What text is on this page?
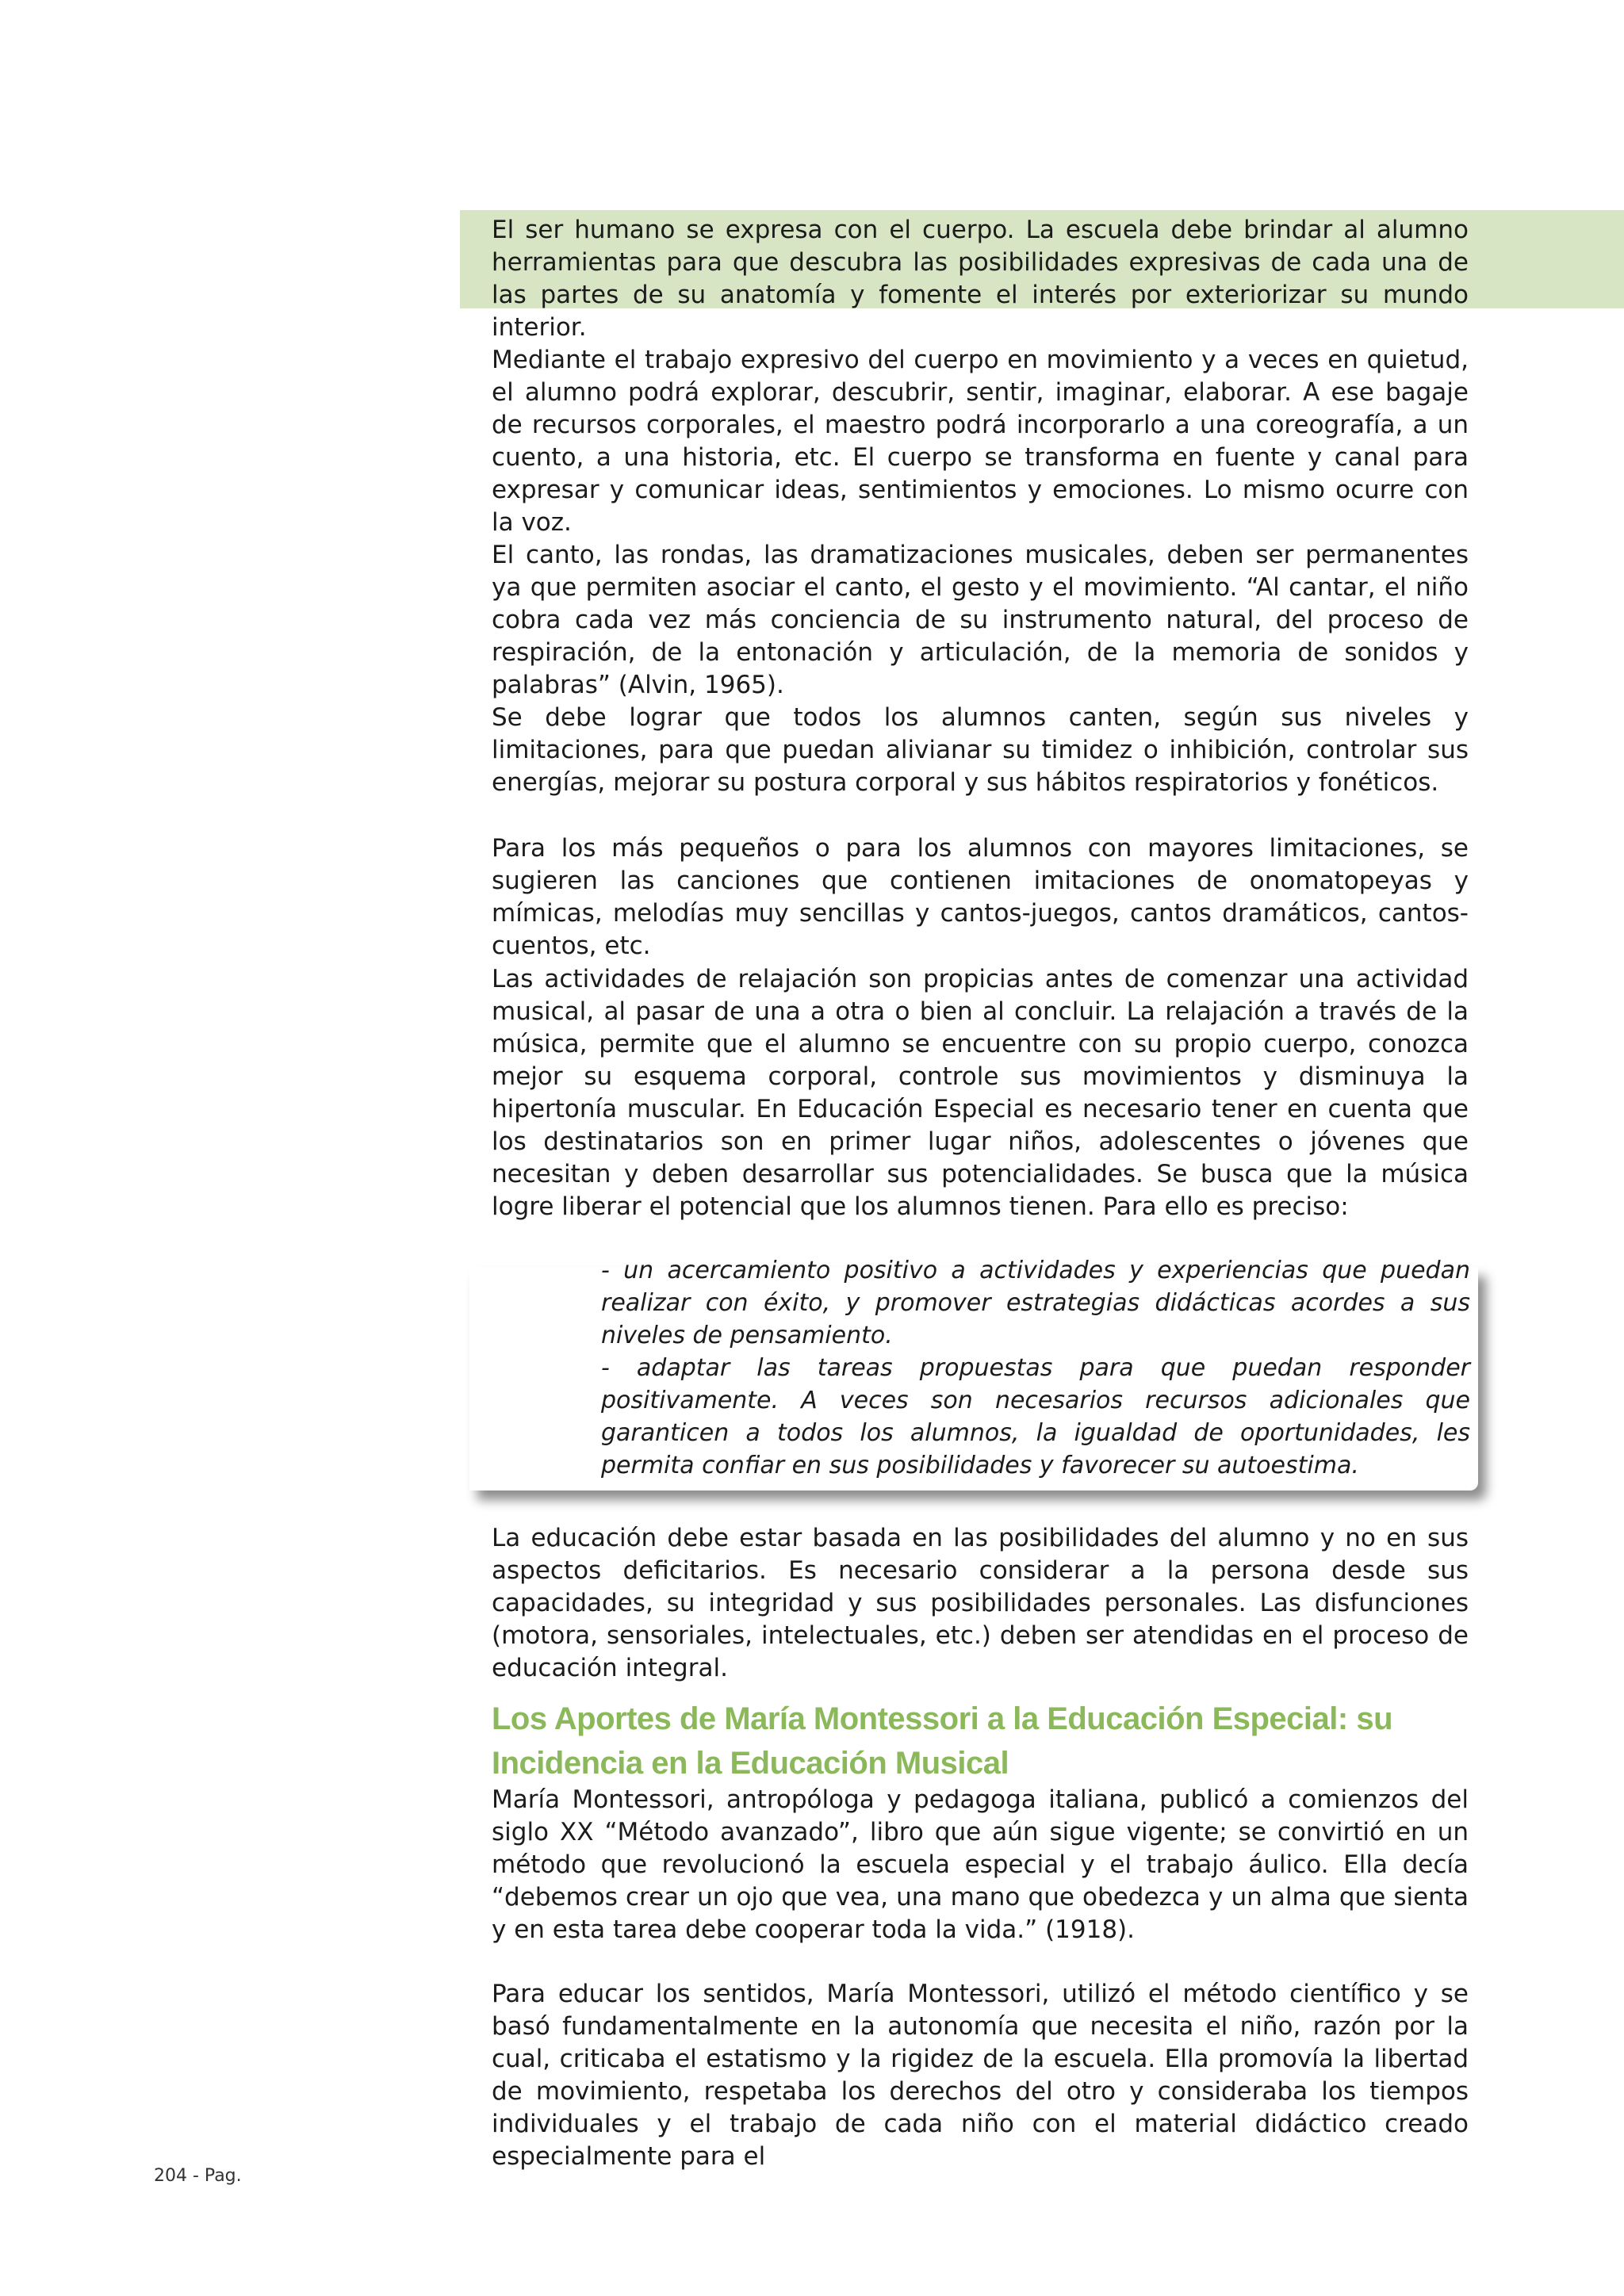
El ser humano se expresa con el cuerpo. La escuela debe brindar al alumno herramientas para que descubra las posibilidades expresivas de cada una de las partes de su anatomía y fomente el interés por exteriorizar su mundo interior.

Mediante el trabajo expresivo del cuerpo en movimiento y a veces en quietud, el alumno podrá explorar, descubrir, sentir, imaginar, elaborar. A ese bagaje de recursos corporales, el maestro podrá incorporarlo a una coreografía, a un cuento, a una historia, etc. El cuerpo se transforma en fuente y canal para expresar y comunicar ideas, sentimientos y emociones. Lo mismo ocurre con la voz.

El canto, las rondas, las dramatizaciones musicales, deben ser permanentes ya que permiten asociar el canto, el gesto y el movimiento. “Al cantar, el niño cobra cada vez más conciencia de su instrumento natural, del proceso de respiración, de la entonación y articulación, de la memoria de sonidos y palabras” (Alvin, 1965).

Se debe lograr que todos los alumnos canten, según sus niveles y limitaciones, para que puedan alivianar su timidez o inhibición, controlar sus energías, mejorar su postura corporal y sus hábitos respiratorios y fonéticos.

Para los más pequeños o para los alumnos con mayores limitaciones, se sugieren las canciones que contienen imitaciones de onomatopeyas y mímicas, melodías muy sencillas y cantos-juegos, cantos dramáticos, cantos-cuentos, etc.

Las actividades de relajación son propicias antes de comenzar una actividad musical, al pasar de una a otra o bien al concluir. La relajación a través de la música, permite que el alumno se encuentre con su propio cuerpo, conozca mejor su esquema corporal, controle sus movimientos y disminuya la hipertonía muscular. En Educación Especial es necesario tener en cuenta que los destinatarios son en primer lugar niños, adolescentes o jóvenes que necesitan y deben desarrollar sus potencialidades. Se busca que la música logre liberar el potencial que los alumnos tienen. Para ello es preciso:

- un acercamiento positivo a actividades y experiencias que puedan realizar con éxito, y promover estrategias didácticas acordes a sus niveles de pensamiento.

- adaptar las tareas propuestas para que puedan responder positivamente. A veces son necesarios recursos adicionales que garanticen a todos los alumnos, la igualdad de oportunidades, les permita confiar en sus posibilidades y favorecer su autoestima.

La educación debe estar basada en las posibilidades del alumno y no en sus aspectos deficitarios. Es necesario considerar a la persona desde sus capacidades, su integridad y sus posibilidades personales. Las disfunciones (motora, sensoriales, intelectuales, etc.) deben ser atendidas en el proceso de educación integral.

Los Aportes de María Montessori a la Educación Especial: su Incidencia en la Educación Musical

María Montessori, antropóloga y pedagoga italiana, publicó a comienzos del siglo XX “Método avanzado”, libro que aún sigue vigente; se convirtió en un método que revolucionó la escuela especial y el trabajo áulico. Ella decía “debemos crear un ojo que vea, una mano que obedezca y un alma que sienta y en esta tarea debe cooperar toda la vida.” (1918).

Para educar los sentidos, María Montessori, utilizó el método científico y se basó fundamentalmente en la autonomía que necesita el niño, razón por la cual, criticaba el estatismo y la rigidez de la escuela. Ella promovía la libertad de movimiento, respetaba los derechos del otro y consideraba los tiempos individuales y el trabajo de cada niño con el material didáctico creado especialmente para el

204 - Pag.
